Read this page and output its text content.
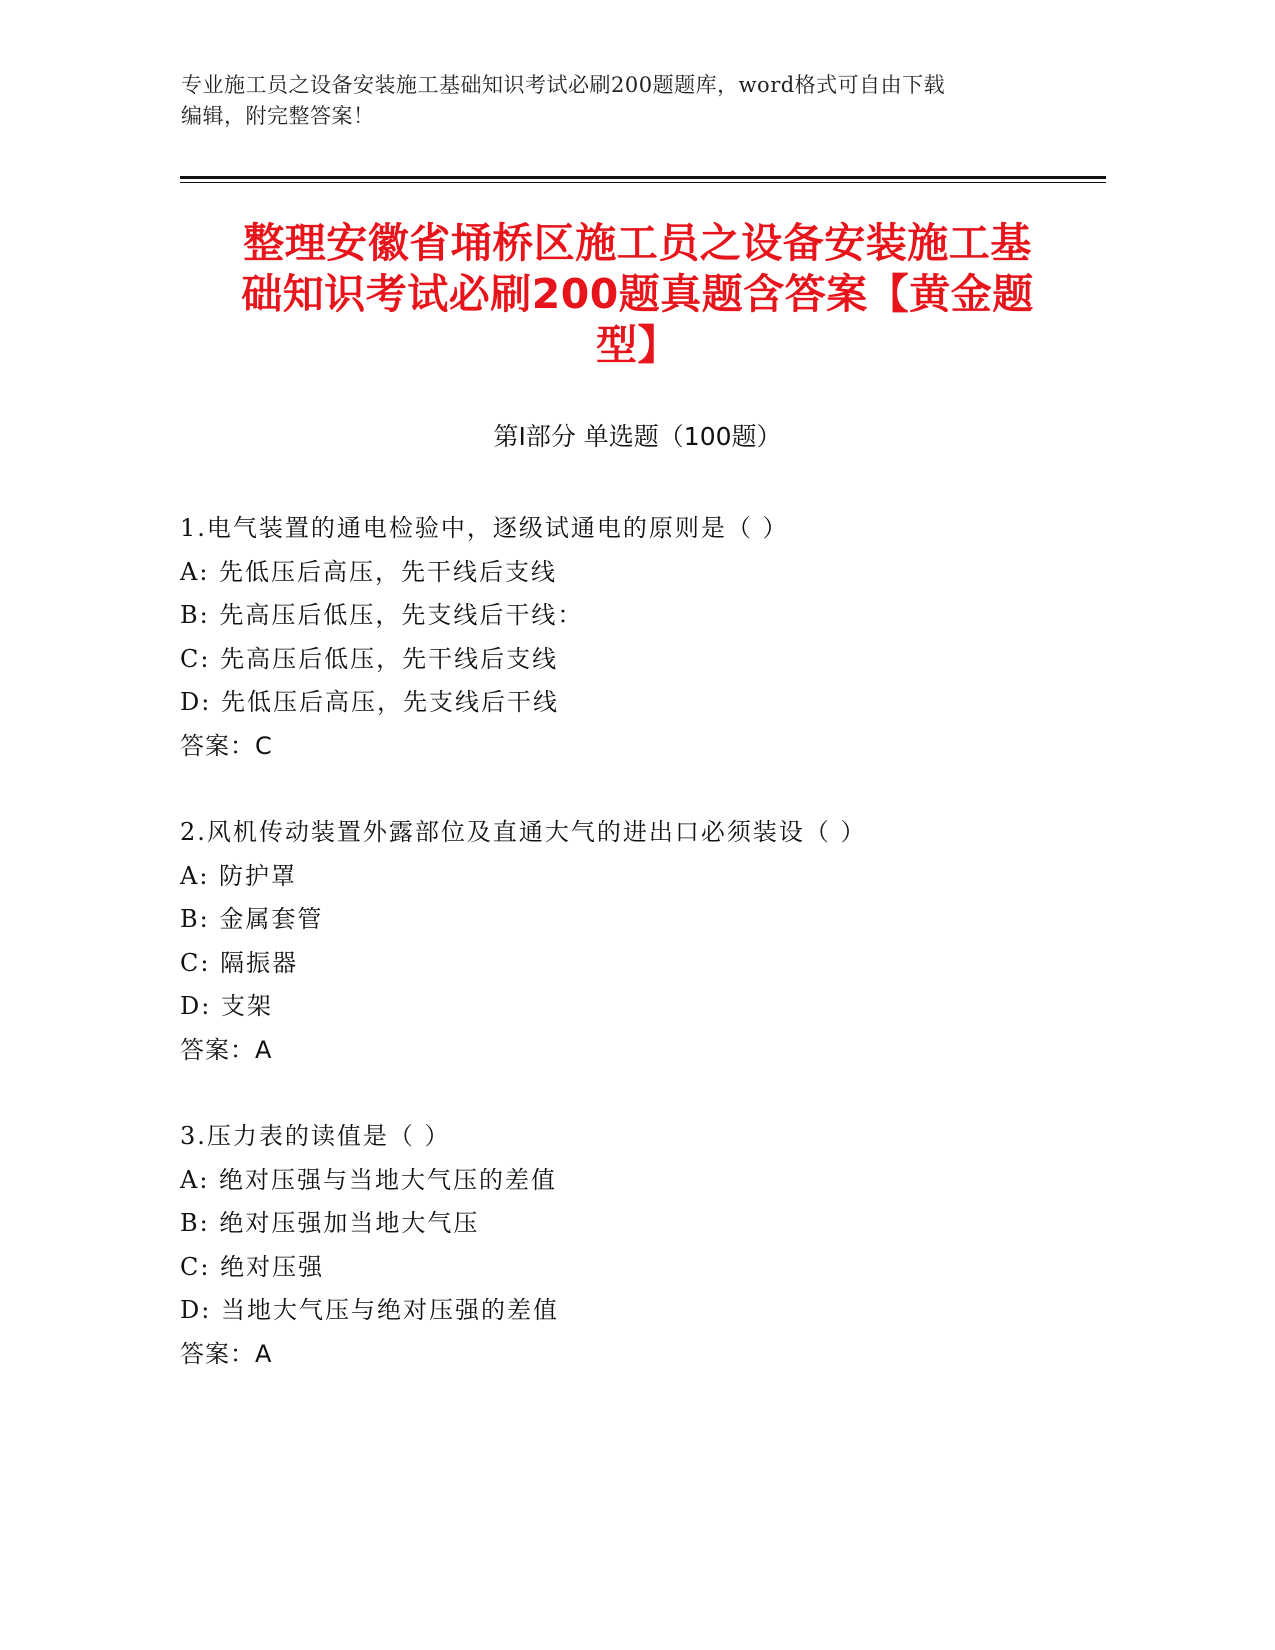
专业施工员之设备安装施工基础知识考试必刷200题题库，word格式可自由下载
编辑，附完整答案！
整理安徽省埇桥区施工员之设备安装施工基
础知识考试必刷200题真题含答案【黄金题
型】
第Ⅰ部分 单选题（100题）
1.电气装置的通电检验中，逐级试通电的原则是（ ）
A: 先低压后高压，先干线后支线
B: 先高压后低压，先支线后干线：
C: 先高压后低压，先干线后支线
D: 先低压后高压，先支线后干线
答案：C
2.风机传动装置外露部位及直通大气的进出口必须装设（ ）
A: 防护罩
B: 金属套管
C: 隔振器
D: 支架
答案：A
3.压力表的读值是（ ）
A: 绝对压强与当地大气压的差值
B: 绝对压强加当地大气压
C: 绝对压强
D: 当地大气压与绝对压强的差值
答案：A
